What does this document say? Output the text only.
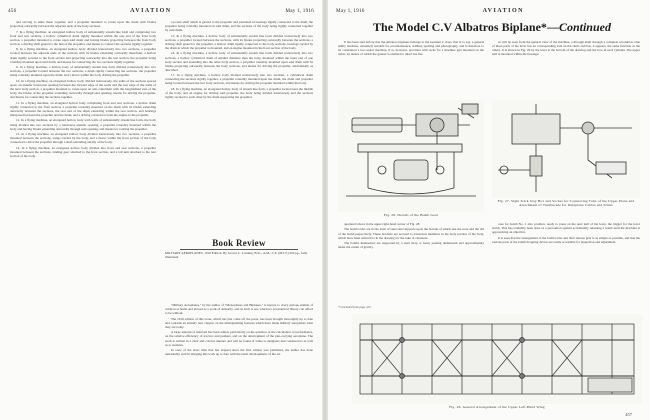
456	AVIATION	May 1, 1916

and serving to unite these together, and a propeller mounted to rotate upon the drum with blades projecting outwardly between the adjacent ends of the body sections.

7. In a flying machine, an elongated hollow body of substantially stream line form and comprising two front and rear sections, a hollow cylindrical drum rigidly mounted within the rear end of the front body section, a propeller mounted to rotate upon said drum and having blades projecting between the front body section, a driving shaft geared to the hub of the propeller, and means to connect the sections rigidly together.

8. In a flying machine, an elongated hollow body divided transversely into two sections, a propeller located between the adjacent ends of the sections with its blades extending outwardly therefrom, a hollow drum rigidly secured to the front section and projecting rearwardly into the rear section, the propeller being rotatably mounted upon said drum, and means for connecting the two sections rigidly together.

9. In a flying machine, a hollow body of substantially stream line form divided transversely into two sections, a propeller located between the two sections, a drum rigidly connecting the sections, the propeller being rotatably mounted upon the drum, and a motor within the body driving the propeller.

10. In a flying machine, an elongated hollow body divided transversely, the walls of the sections spaced apart, an annular transverse opening between the forward edge of the walls and the rear edge of the walls of the next body section, a propeller mounted to rotate upon an axis coincident with the longitudinal axis of the body, the blades of the propeller extending outwardly through said opening, means for driving the propeller, and means for connecting the sections together.

11. In a flying machine, an elongated hollow body comprising front and rear sections, a hollow drum rigidly connected to the front section, a propeller rotatably mounted on the drum with its blades extending outwardly between the sections, the rear end of the drum extending within the rear section, and bearings interposed between the propeller and the drum, and a driving connection from the engine to the propeller.

12. In a flying machine, an elongated hollow body with walls of substantially stream line form, the body being divided into two sections by a transverse annular opening, a propeller rotatably mounted within the body and having blades extending outwardly through said opening, and means for rotating the propeller.

13. In a flying machine, an elongated hollow body divided transversely into two sections, a propeller mounted between the sections, wings carried by the body, and a motor within the front section of the body connected to drive the propeller through a shaft extending axially of the body.

14. In a flying machine, an elongated hollow body divided into front and rear sections, a propeller mounted between the sections, landing gear attached to the front section, and a tail unit attached to the rear section of the body.

a power-shaft which is geared to the propeller and journaled in bearings rigidly connected to the drum, the propeller being rotatably mounted on said drum, and the sections of the body being rigidly connected together by said drum.

15. In a flying machine, a hollow body of substantially stream line form divided transversely into two sections, a propeller located between the sections, with its blades projecting outwardly between the sections, a driving shaft geared to the propeller, a hollow drum rigidly connected to the body sections, bearings carried by the drum in which the propeller is mounted, and an engine mounted in the front section of the body.

16. In a flying machine, a hollow body of substantially stream line form divided transversely into two sections, a hollow cylindrical drum of smaller diameter than the body, mounted within the inner end of one body section and extending into the other body section, a propeller rotatably mounted upon said drum with its blades projecting outwardly between the body sections, and means for driving the propeller, substantially as described.

17. In a flying machine, a hollow body divided transversely into two sections, a cylindrical drum connecting the sections rigidly together, a propeller rotatably mounted upon the drum, the drum and propeller being located between the two body sections, and means for driving the propeller mounted within the body.

18. In a flying machine, an elongated hollow body of stream line form, a propeller located near the middle of the body, and an engine for driving said propeller, the body being divided transversely and the sections rigidly secured to each other by the drum supporting the propeller.

Book Review
MILITARY AEROPLANES. 1916 Edition. By Grover C. Loening, B.Sc., A.M., C.E. (M.I.T.) 202 pp., fully illustrated.

"Military Aeroplanes," by the author of "Monoplanes and Biplanes," is known to every serious student of aviation at home and abroad as a work of authority, and as such is one which no aeronautical library can afford to be without.

The 1916 edition of this book, which has just come off the press, has been brought thoroughly up to date and contains an entirely new chapter on the distinguishing features which have made military aeroplanes what they are today.

A large amount of material has been added, particularly on the question of the calculation of performance, on the relative efficiency of tractors and pushers, and on the development of the gun-carrying aeroplane. The book is written in a clear and concise manner and will be found of value to designers and constructors as well as to students.

In view of the short time that has elapsed since the first edition was published, the author has done remarkably well in bringing this work up to date with the latest developments of the art.

May 1, 1916	AVIATION
The Model C.V Albatros Biplane*—Continued

It has been said before that the Albatros biplanes belongs to the German C class, that is to say, a general utility machine, extremely suitable for reconnaissance, artillery spotting and photography, and is therefore to be considered a two-seater machine. It is, however, provided with racks for a machine gun mounted on the turret, by means of which the gunner is enabled to direct his fire.

as will be seen from the general view of the machine, a through shaft through a complete revolution. One of these parts of the lever has an corresponding axis on the shaft, and has, it appears, the same function as the others. It is shown in Fig. 29 by the lever at the bottom of the drawing and the bow in each cylinder. The upper half is mounted within the fuselage.

Fig. 28. Details of the Bomb Gear
Fig. 27. Sight Stick Stay Box and Socket for Connecting Tube of the Upper Plane and Attachment of Turnbuckle for Interplane Cables and Struts

quartered above in the upper right-hand corner of Fig. 28.

The bomb racks are in the form of steel steel supports upon the bottom of which rest the nose and the tail of the bomb respectively. These brackets are secured to transverse members in the body portion of the body, which have been referred to in the drawing for the sake of clearness.

The bombs themselves are supported by a steel strap or band, passing underneath and approximately under the center of gravity.

case for bomb No. 1 also position, ready to press on the next pull of the lever, the trigger for the lever bomb. This has evidently been done as a precaution against accidentally releasing a bomb until the machine is approaching an objective.

It is seen that the arrangement of the bomb racks and their release gear is as simple as possible, and that the various parts of the bomb dropping device are easily accessible for inspection and adjustment.

*Concluded from page 410
Fig. 26. General Arrangement of the Upper Left-Hand Wing
457
